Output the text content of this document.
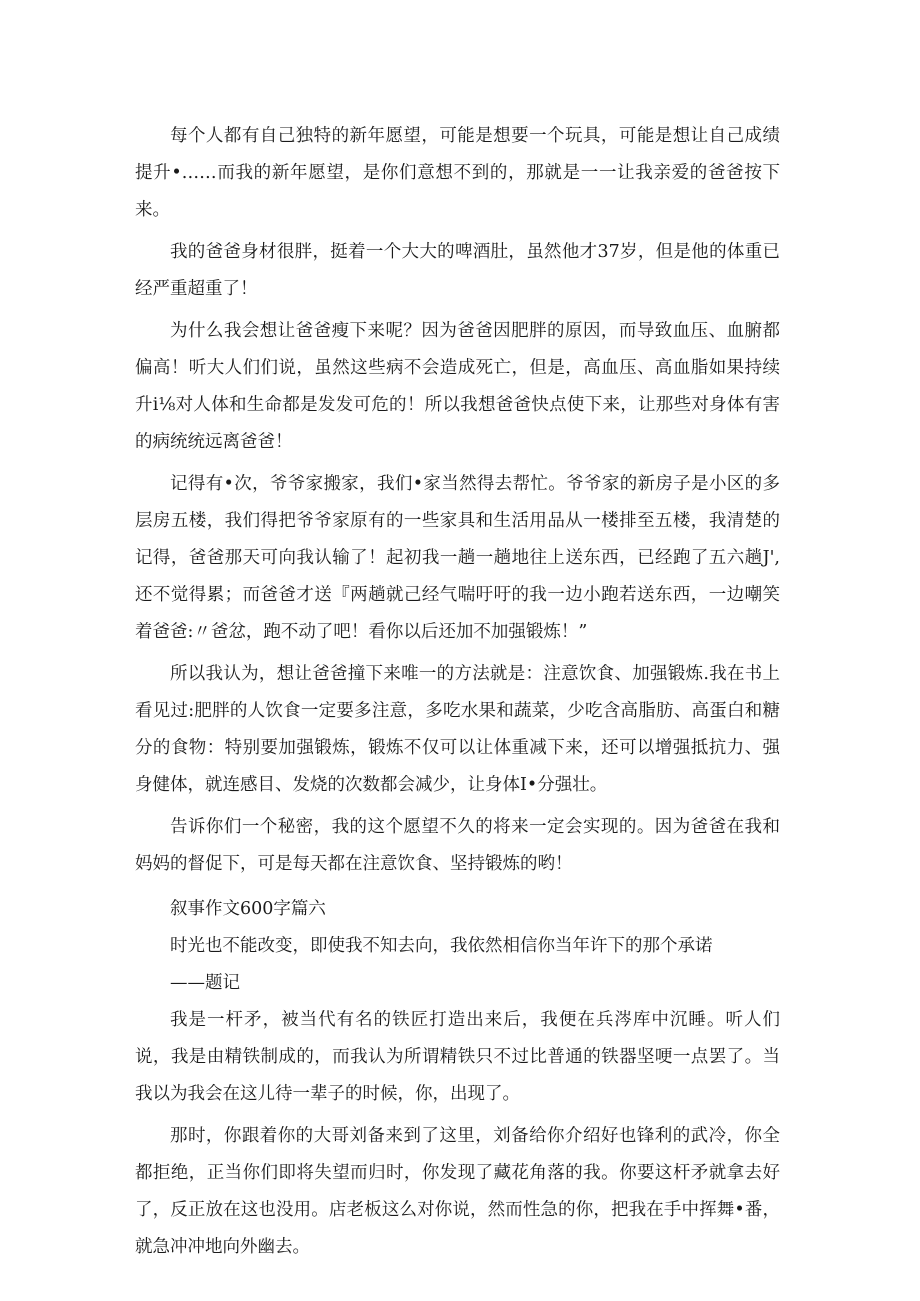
每个人都有自己独特的新年愿望，可能是想要一个玩具，可能是想让自己成绩提升•……而我的新年愿望，是你们意想不到的，那就是一一让我亲爱的爸爸按下来。

我的爸爸身材很胖，挺着一个大大的啤酒肚，虽然他才37岁，但是他的体重已经严重超重了！

为什么我会想让爸爸瘦下来呢？因为爸爸因肥胖的原因，而导致血压、血腑都偏高！听大人们们说，虽然这些病不会造成死亡，但是，高血压、高血脂如果持续升i⅛对人体和生命都是发发可危的！所以我想爸爸快点使下来，让那些对身体有害的病统统远离爸爸！

记得有•次，爷爷家搬家，我们•家当然得去帮忙。爷爷家的新房子是小区的多层房五楼，我们得把爷爷家原有的一些家具和生活用品从一楼排至五楼，我清楚的记得，爸爸那天可向我认输了！起初我一趟一趟地往上送东西，已经跑了五六趟J',还不觉得累；而爸爸才送『两趟就己经气喘吁吁的我一边小跑若送东西，一边嘲笑着爸爸:〃爸忿，跑不动了吧！看你以后还加不加强锻炼！”

所以我认为，想让爸爸撞下来唯一的方法就是：注意饮食、加强锻炼.我在书上看见过:肥胖的人饮食一定要多注意，多吃水果和蔬菜，少吃含高脂肪、高蛋白和糖分的食物：特别要加强锻炼，锻炼不仅可以让体重减下来，还可以增强抵抗力、强身健体，就连感目、发烧的次数都会减少，让身体I•分强壮。

告诉你们一个秘密，我的这个愿望不久的将来一定会实现的。因为爸爸在我和妈妈的督促下，可是每天都在注意饮食、坚持锻炼的哟！

叙事作文600字篇六

时光也不能改变，即使我不知去向，我依然相信你当年许下的那个承诺

——题记

我是一杆矛，被当代有名的铁匠打造出来后，我便在兵涔库中沉睡。听人们说，我是由精铁制成的，而我认为所谓精铁只不过比普通的铁器坚哽一点罢了。当我以为我会在这儿待一辈子的时候，你，出现了。

那时，你跟着你的大哥刘备来到了这里，刘备给你介绍好也锋利的武冷，你全都拒绝，正当你们即将失望而归时，你发现了藏花角落的我。你要这杆矛就拿去好了，反正放在这也没用。店老板这么对你说，然而性急的你，把我在手中挥舞•番，就急冲冲地向外幽去。
